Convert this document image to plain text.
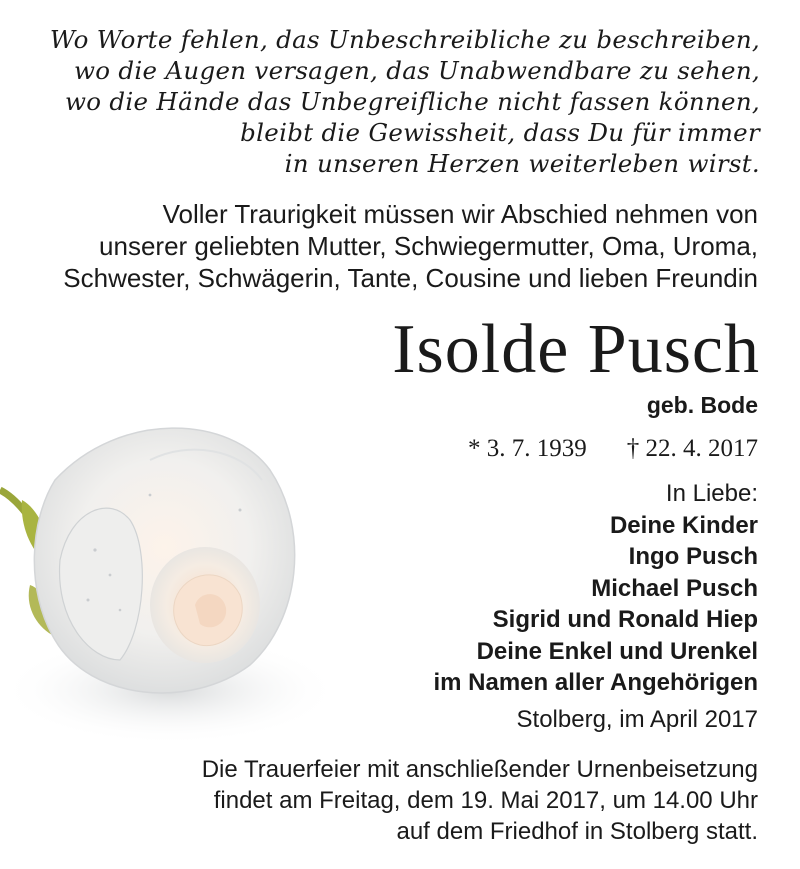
Wo Worte fehlen, das Unbeschreibliche zu beschreiben,
wo die Augen versagen, das Unabwendbare zu sehen,
wo die Hände das Unbegreifliche nicht fassen können,
bleibt die Gewissheit, dass Du für immer
in unseren Herzen weiterleben wirst.
Voller Traurigkeit müssen wir Abschied nehmen von
unserer geliebten Mutter, Schwiegermutter, Oma, Uroma,
Schwester, Schwägerin, Tante, Cousine und lieben Freundin
Isolde Pusch
geb. Bode
* 3. 7. 1939 † 22. 4. 2017
In Liebe:
Deine Kinder
Ingo Pusch
Michael Pusch
Sigrid und Ronald Hiep
Deine Enkel und Urenkel
im Namen aller Angehörigen
Stolberg, im April 2017
Die Trauerfeier mit anschließender Urnenbeisetzung
findet am Freitag, dem 19. Mai 2017, um 14.00 Uhr
auf dem Friedhof in Stolberg statt.
